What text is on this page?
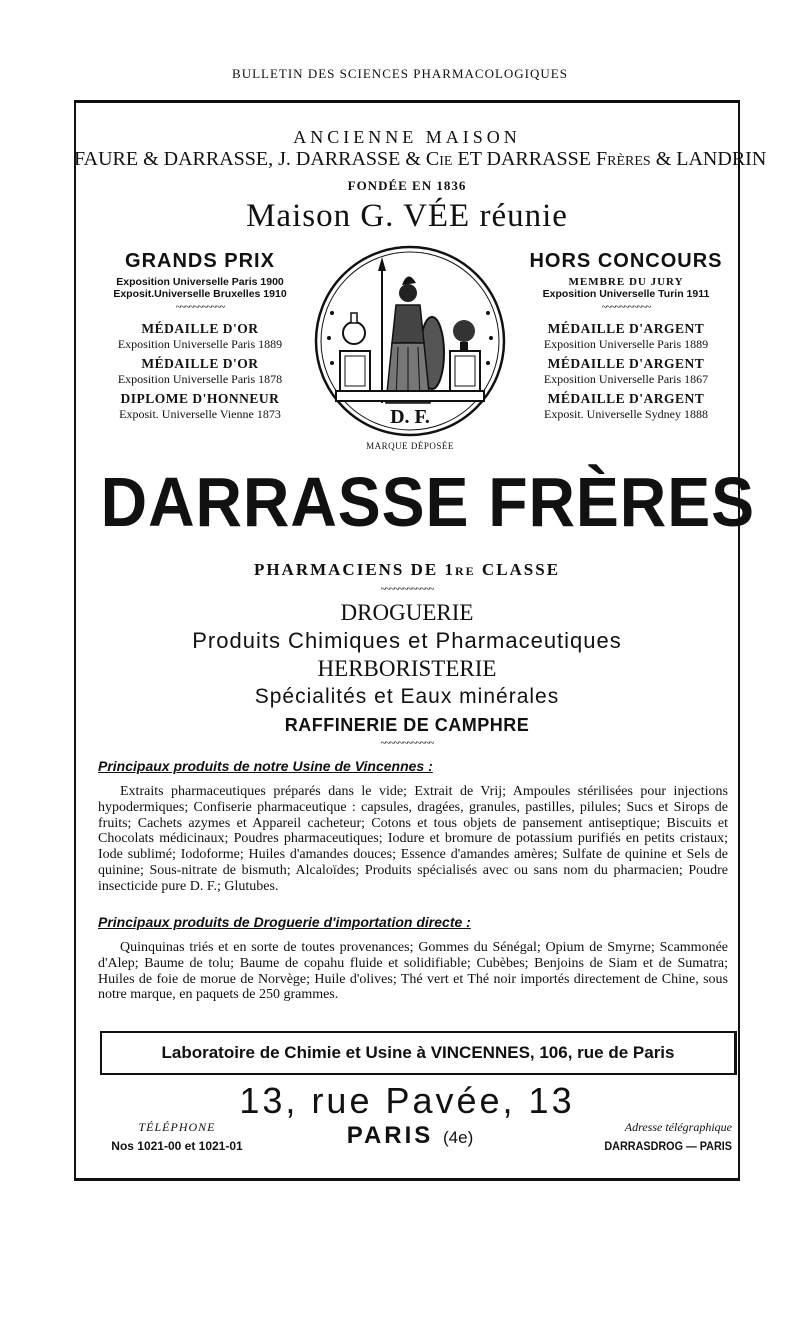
BULLETIN DES SCIENCES PHARMACOLOGIQUES
ANCIENNE MAISON
FAURE & DARRASSE, J. DARRASSE & Cie ET DARRASSE Frères & LANDRIN
FONDÉE EN 1836
Maison G. VÉE réunie
GRANDS PRIX
Exposition Universelle Paris 1900
Exposit.Universelle Bruxelles 1910
~~~~~~~~~~~
MÉDAILLE D'OR
Exposition Universelle Paris 1889
MÉDAILLE D'OR
Exposition Universelle Paris 1878
DIPLOME D'HONNEUR
Exposit. Universelle Vienne 1873	D. F.
MARQUE DÉPOSÉE
HORS CONCOURS
MEMBRE DU JURY
Exposition Universelle Turin 1911
~~~~~~~~~~~
MÉDAILLE D'ARGENT
Exposition Universelle Paris 1889
MÉDAILLE D'ARGENT
Exposition Universelle Paris 1867
MÉDAILLE D'ARGENT
Exposit. Universelle Sydney 1888
DARRASSE FRÈRES
PHARMACIENS DE 1re CLASSE
~~~~~~~~~~~~
DROGUERIE
Produits Chimiques et Pharmaceutiques
HERBORISTERIE
Spécialités et Eaux minérales
RAFFINERIE DE CAMPHRE
~~~~~~~~~~~~
Principaux produits de notre Usine de Vincennes :
Extraits pharmaceutiques préparés dans le vide; Extrait de Vrij; Ampoules stérilisées pour injections hypodermiques; Confiserie pharmaceutique : capsules, dragées, granules, pastilles, pilules; Sucs et Sirops de fruits; Cachets azymes et Appareil cacheteur; Cotons et tous objets de pansement antiseptique; Biscuits et Chocolats médicinaux; Poudres pharmaceutiques; Iodure et bromure de potassium purifiés en petits cristaux; Iode sublimé; Iodoforme; Huiles d'amandes douces; Essence d'amandes amères; Sulfate de quinine et Sels de quinine; Sous-nitrate de bismuth; Alcaloïdes; Produits spécialisés avec ou sans nom du pharmacien; Poudre insecticide pure D. F.; Glutubes.
Principaux produits de Droguerie d'importation directe :
Quinquinas triés et en sorte de toutes provenances; Gommes du Sénégal; Opium de Smyrne; Scammonée d'Alep; Baume de tolu; Baume de copahu fluide et solidifiable; Cubèbes; Benjoins de Siam et de Sumatra; Huiles de foie de morue de Norvège; Huile d'olives; Thé vert et Thé noir importés directement de Chine, sous notre marque, en paquets de 250 grammes.
Laboratoire de Chimie et Usine à VINCENNES, 106, rue de Paris
13, rue Pavée, 13
TÉLÉPHONE
Nos 1021-00 et 1021-01	PARIS (4e)
Adresse télégraphique
DARRASDROG — PARIS
